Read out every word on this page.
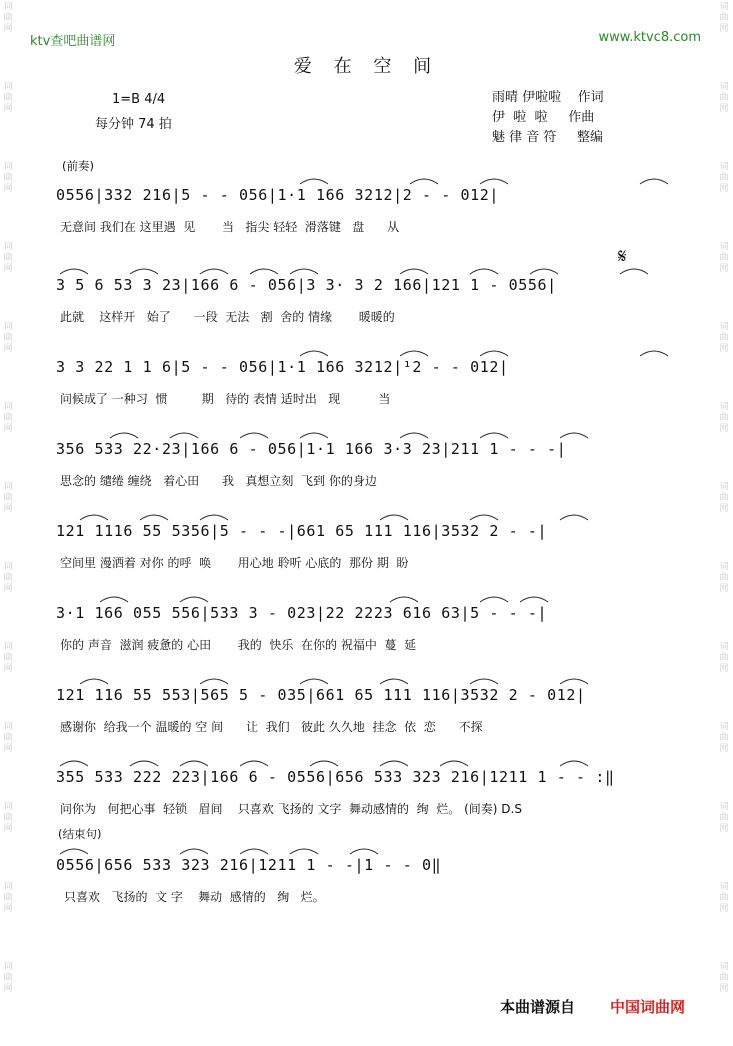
ktv查吧曲谱网	www.ktvc8.com
爱 在 空 间
1=B 4/4
每分钟 74 拍
雨晴 伊啦啦    作词
伊  啦  啦     作曲
魅 律 音 符     整编
(前奏)
𝄋
(结束句)
0556|332 216|5 - - 056|1·1 166 3212|2 - - 012|
无意间 我们在 这里遇  见       当   指尖 轻轻  滑落键   盘      从
3 5 6 53 3 23|166 6 - 056|3 3· 3 2 166|121 1 - 0556|
此就    这样开   始了      一段  无法   割  舍的 情缘       暖暖的
3 3 22 1 1 6|5 - - 056|1·1 166 3212|¹2 - - 012|
问候成了 一种习  惯         期   待的 表情 适时出   现          当
356 533 22·23|166 6 - 056|1·1 166 3·3 23|211 1 - - -|
思念的 缱绻 缠绕   着心田      我   真想立刻  飞到 你的身边
121 1116 55 5356|5 - - -|661 65 111 116|3532 2 - -|
空间里 漫洒着 对你 的呼  唤       用心地 聆听 心底的  那份 期  盼
3·1 166 055 556|533 3 - 023|22 2223 616 63|5 - - -|
你的 声音  滋润 疲惫的 心田       我的  快乐  在你的 祝福中  蔓  延
121 116 55 553|565 5 - 035|661 65 111 116|3532 2 - 012|
感谢你  给我一个 温暖的 空 间      让  我们   彼此 久久地  挂念  依  恋      不探
355 533 222 223|166 6 - 0556|656 533 323 216|1211 1 - - :‖
问你为   何把心事  轻锁   眉间    只喜欢 飞扬的 文字  舞动感情的  绚  烂。 (间奏) D.S
0556|656 533 323 216|1211 1 - -|1 - - 0‖
只喜欢   飞扬的  文 字    舞动  感情的   绚   烂。
词曲网
词曲网
词曲网
词曲网
词曲网
词曲网
词曲网
词曲网
词曲网
词曲网
词曲网
词曲网
词曲网
词曲网
词曲网
词曲网
词曲网
词曲网
词曲网
词曲网
词曲网
词曲网
词曲网
词曲网
词曲网
词曲网
本曲谱源自 中国词曲网
